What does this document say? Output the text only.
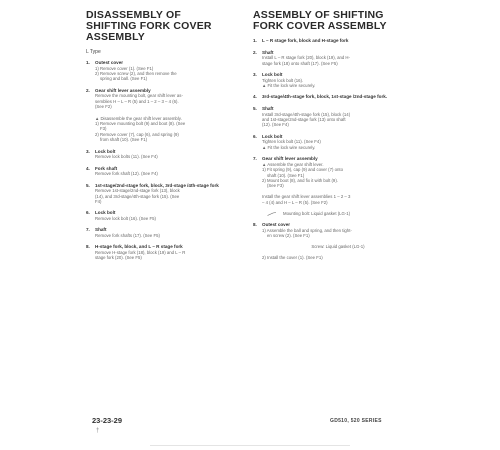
DISASSEMBLY OF
SHIFTING FORK COVER
ASSEMBLY
L Type
1. Outest cover
1) Remove cover (1). (See F1)
2) Remove screw (2), and then remove the
spring and ball. (See F1)
2. Gear shift lever assembly
Remove the mounting bolt, gear shift lever as-
semblies H – L – R (5) and 1 – 2 – 3 – 4 (6).
(See F2)
▲ Disassemble the gear shift lever assembly.
1) Remove mounting bolt (9) and boot (8). (See
F3)
2) Remove cover (7), cap (6), and spring (9)
from shaft (10). (See F1)
3. Lock bolt
Remove lock bolts (11). (See F4)
4. Fork shaft
Remove fork shaft (12). (See F4)
5. 1st-stage/2nd-stage fork, block, 3rd-stage /4th-stage fork
Remove 1st-stage/2nd-stage fork (13), block
(14), and 3rd-stage/4th-stage fork (15). (See
F4)
6. Lock bolt
Remove lock bolt (16). (See F5)
7. Shaft
Remove fork shafts (17). (See F5)
8. H-stage fork, block, and L – R stage fork
Remove H-stage fork (18), block (19) and L – R
stage fork (20). (See F5)
ASSEMBLY OF SHIFTING
FORK COVER ASSEMBLY
1. L – R stage fork, block and H-stage fork
2. Shaft
Install L – R stage fork (20), block (19), and H-
stage fork (18) onto shaft (17). (See F5)
3. Lock bolt
Tighten lock bolt (16).
▲ Fit the lock wire securely.
4. 3rd-stage/4th-stage fork, block, 1st-stage /2nd-stage fork.
5. Shaft
Install 3rd-stage/4th-stage fork (15), block (14)
and 1st-stage/2nd-stage fork (13) onto shaft
(12). (See F4)
6. Lock bolt
Tighten lock bolt (11). (See F4)
▲ Fit the lock wire securely.
7. Gear shift lever assembly
▲ Assemble the gear shift lever.
1) Fit spring (9), cap (9) and cover (7) onto
shaft (10). (See F1)
2) Mount boot (8), and fix it with bolt (9).
(See F3)

Install the gear shift lever assemblies 1 – 2 – 3
– 4 (4) and H – L – R (5). (See F2)
Mounting bolt: Liquid gasket (LG-1)
8. Outest cover
1) Assemble the ball and spring, and then tight-
en screw (2). (See F1)

Screw: Liquid gasket (LG-1)

2) Install the cover (1). (See F1)
23-23-29
†
GD510, 520 SERIES
